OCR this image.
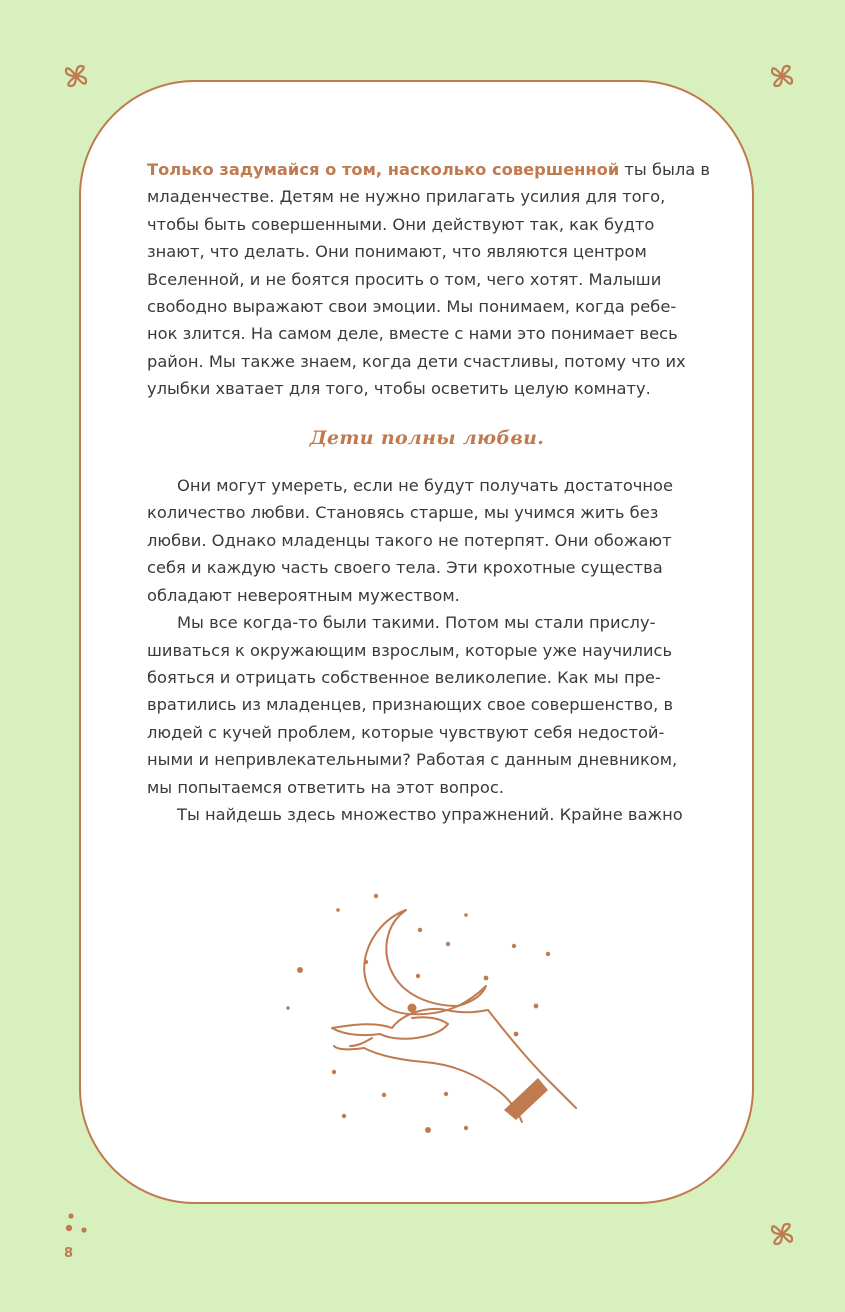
8

Только задумайся о том, насколько совершенной ты была в

младенчестве. Детям не нужно прилагать усилия для того,

чтобы быть совершенными. Они действуют так, как будто

знают, что делать. Они понимают, что являются центром

Вселенной, и не боятся просить о том, чего хотят. Малыши

свободно выражают свои эмоции. Мы понимаем, когда ребе-

нок злится. На самом деле, вместе с нами это понимает весь

район. Мы также знаем, когда дети счастливы, потому что их

улыбки хватает для того, чтобы осветить целую комнату.

Дети полны любви.

Они могут умереть, если не будут получать достаточное

количество любви. Становясь старше, мы учимся жить без

любви. Однако младенцы такого не потерпят. Они обожают

себя и каждую часть своего тела. Эти крохотные существа

обладают невероятным мужеством.

Мы все когда-то были такими. Потом мы стали прислу-

шиваться к окружающим взрослым, которые уже научились

бояться и отрицать собственное великолепие. Как мы пре-

вратились из младенцев, признающих свое совершенство, в

людей с кучей проблем, которые чувствуют себя недостой-

ными и непривлекательными? Работая с данным дневником,

мы попытаемся ответить на этот вопрос.

Ты найдешь здесь множество упражнений. Крайне важно
